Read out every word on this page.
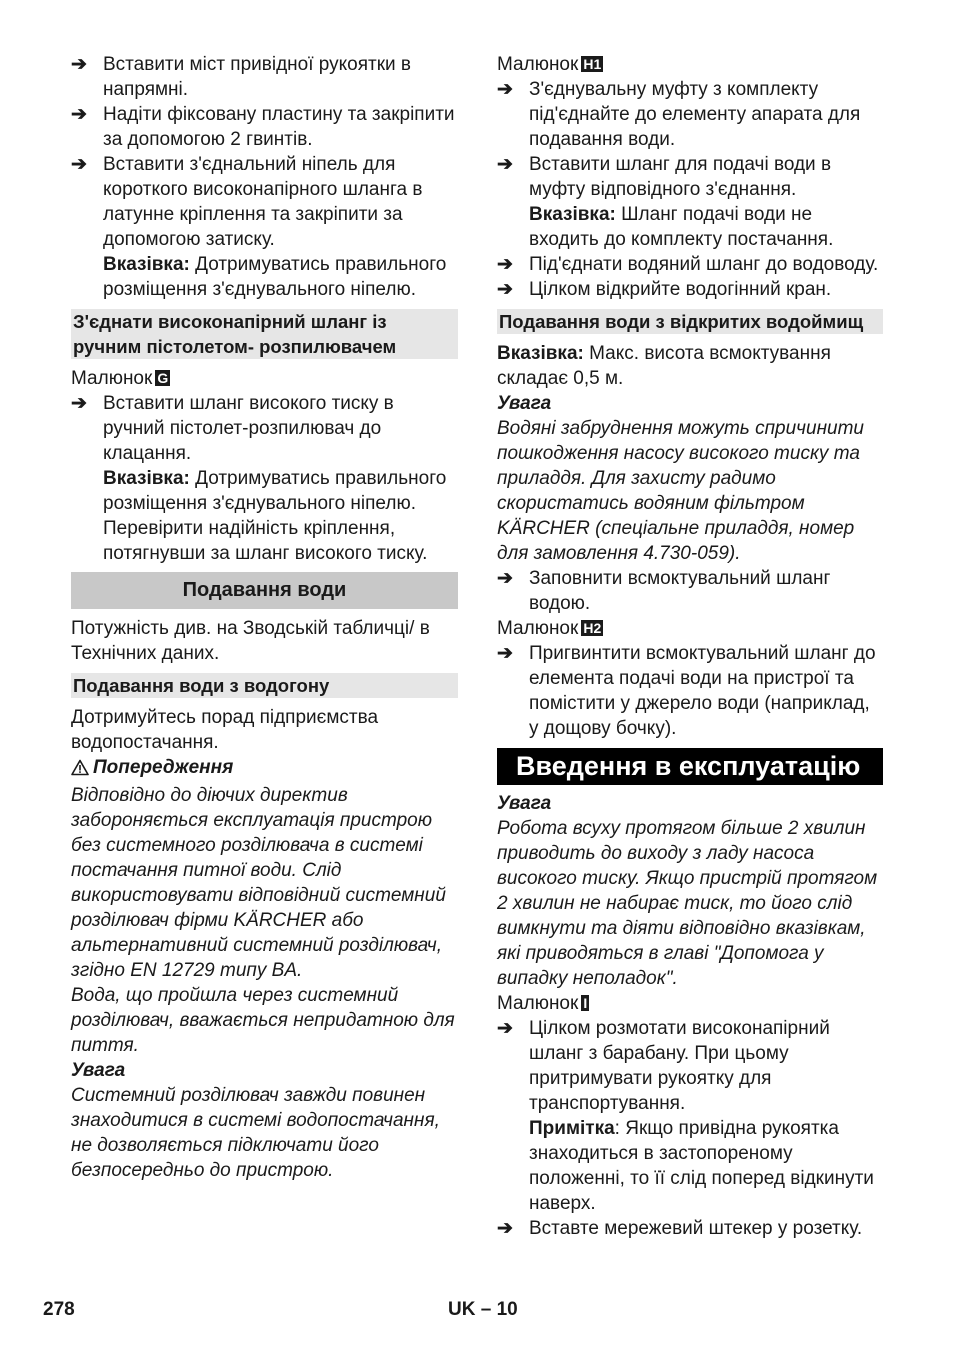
➔ Вставити міст привідної рукоятки в напрямні.

➔ Надіти фіксовану пластину та закріпити за допомогою 2 гвинтів.

➔ Вставити з'єднальний ніпель для короткого високонапірного шланга в латунне кріплення та закріпити за допомогою затиску.

Вказівка: Дотримуватись правильного розміщення з'єднувального ніпелю.

З'єднати високонапірний шланг із ручним пістолетом- розпилювачем

Малюнок G

➔ Вставити шланг високого тиску в ручний пістолет-розпилювач до клацання.

Вказівка: Дотримуватись правильного розміщення з'єднувального ніпелю.

Перевірити надійність кріплення, потягнувши за шланг високого тиску.

Подавання води

Потужність див. на Зводській табличці/ в Технічних даних.

Подавання води з водогону

Дотримуйтесь порад підприємства водопостачання.

Попередження

Відповідно до діючих директив забороняється експлуатація пристрою без системного розділювача в системі постачання питної води. Слід використовувати відповідний системний розділювач фірми KÄRCHER або альтернативний системний розділювач, згідно EN 12729 типу BA.

Вода, що пройшла через системний розділювач, вважається непридатною для пиття.

Увага

Системний розділювач завжди повинен знаходитися в системі водопостачання, не дозволяється підключати його безпосередньо до пристрою.

Малюнок H1

➔ З'єднувальну муфту з комплекту під'єднайте до елементу апарата для подавання води.

➔ Вставити шланг для подачі води в муфту відповідного з'єднання.

Вказівка: Шланг подачі води не входить до комплекту постачання.

➔ Під'єднати водяний шланг до водоводу.

➔ Цілком відкрийте водогінний кран.

Подавання води з відкритих водоймищ

Вказівка: Макс. висота всмоктування складає 0,5 м.

Увага

Водяні забруднення можуть спричинити пошкодження насосу високого тиску та приладдя. Для захисту радимо скористатись водяним фільтром KÄRCHER (спеціальне приладдя, номер для замовлення 4.730-059).

➔ Заповнити всмоктувальний шланг водою.

Малюнок H2

➔ Пригвинтити всмоктувальний шланг до елемента подачі води на пристрої та помістити у джерело води (наприклад, у дощову бочку).

Введення в експлуатацію

Увага

Робота всуху протягом більше 2 хвилин приводить до виходу з ладу насоса високого тиску. Якщо пристрій протягом 2 хвилин не набирає тиск, то його слід вимкнути та діяти відповідно вказівкам, які приводяться в главі "Допомога у випадку неполадок".

Малюнок I

➔ Цілком розмотати високонапірний шланг з барабану. При цьому притримувати рукоятку для транспортування.

Примітка: Якщо привідна рукоятка знаходиться в застопореному положенні, то її слід поперед відкинути наверх.

➔ Вставте мережевий штекер у розетку.

278	UK – 10
